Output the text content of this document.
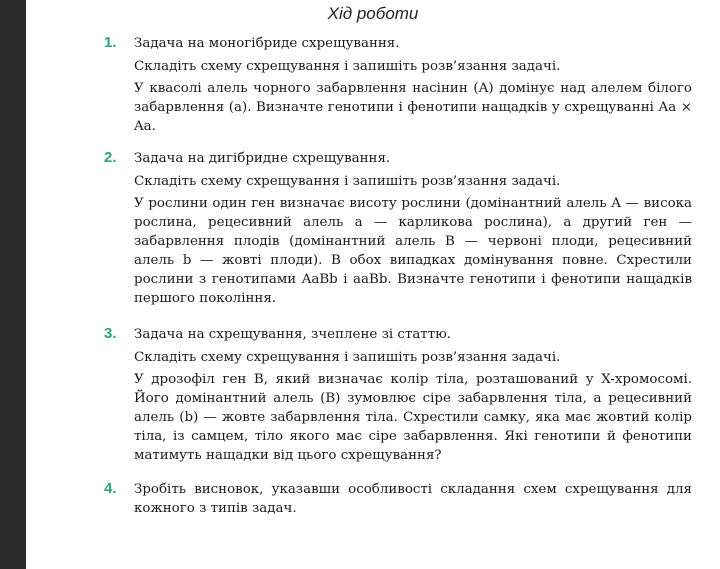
Хід роботи
1. Задача на моногібриде схрещування.
Складіть схему схрещування і запишіть розв’язання задачі.
У квасолі алель чорного забарвлення насінин (A) домінує над алелем білого забарвлення (a). Визначте генотипи і фенотипи нащадків у схрещуванні Aa × Aa.
2. Задача на дигібридне схрещування.
Складіть схему схрещування і запишіть розв’язання задачі.
У рослини один ген визначає висоту рослини (домінантний алель A — висока рослина, рецесивний алель a — карликова рослина), а другий ген — забарвлення плодів (домінантний алель B — червоні плоди, рецесивний алель b — жовті плоди). В обох випадках домінування повне. Схрестили рослини з генотипами AaBb і aaBb. Визначте генотипи і фенотипи нащадків першого покоління.
3. Задача на схрещування, зчеплене зі статтю.
Складіть схему схрещування і запишіть розв’язання задачі.
У дрозофіл ген B, який визначає колір тіла, розташований у X-хромосомі. Його домінантний алель (B) зумовлює сіре забарвлення тіла, а рецесивний алель (b) — жовте забарвлення тіла. Схрестили самку, яка має жовтий колір тіла, із самцем, тіло якого має сіре забарвлення. Які генотипи й фенотипи матимуть нащадки від цього схрещування?
4. Зробіть висновок, указавши особливості складання схем схрещування для кожного з типів задач.
